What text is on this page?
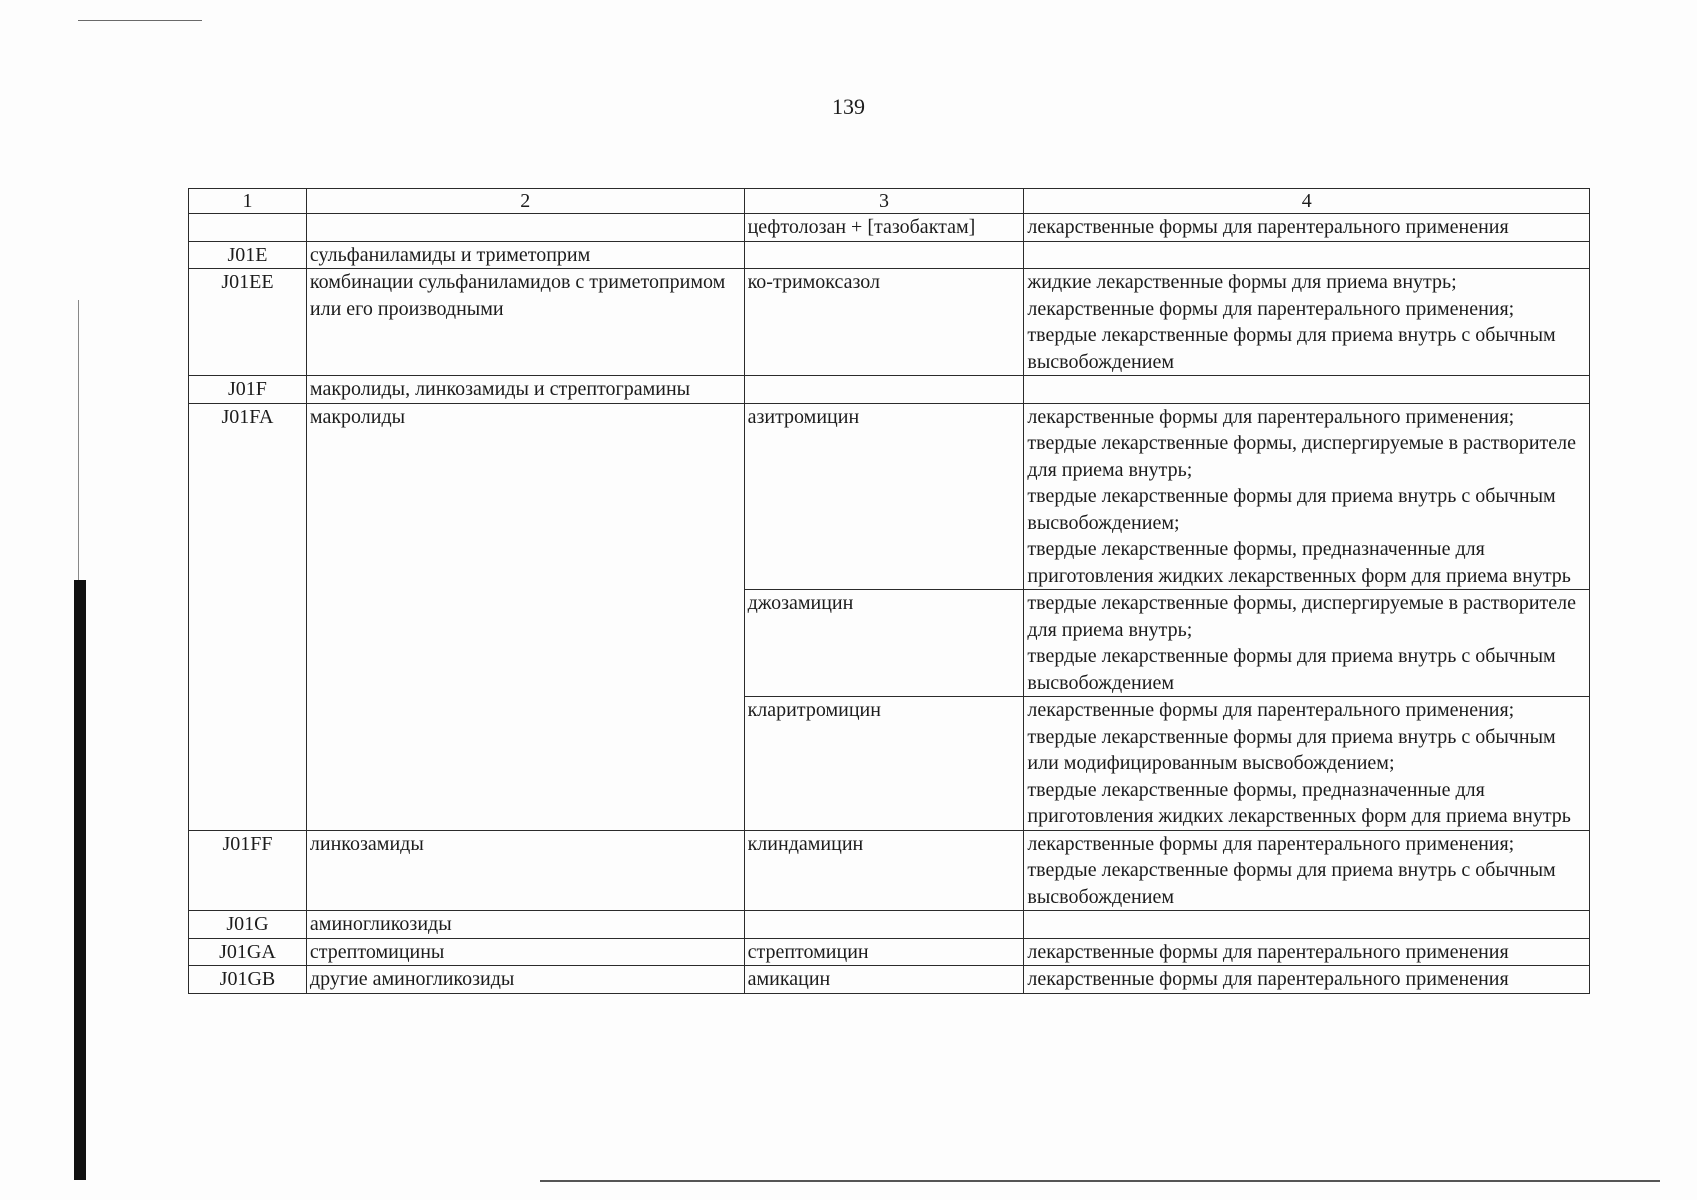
139
1	2	3	4
		цефтолозан + [тазобактам]	лекарственные формы для парентерального применения

J01E	сульфаниламиды и триметоприм		
J01EE	комбинации сульфаниламидов с триметопримом или его производными	ко-тримоксазол	жидкие лекарственные формы для приема внутрь;
лекарственные формы для парентерального применения;
твердые лекарственные формы для приема внутрь с обычным высвобождением

J01F	макролиды, линкозамиды и стрептограмины		
J01FA	макролиды	азитромицин	лекарственные формы для парентерального применения;
твердые лекарственные формы, диспергируемые в растворителе для приема внутрь;
твердые лекарственные формы для приема внутрь с обычным высвобождением;
твердые лекарственные формы, предназначенные для приготовления жидких лекарственных форм для приема внутрь

		джозамицин	твердые лекарственные формы, диспергируемые в растворителе для приема внутрь;
твердые лекарственные формы для приема внутрь с обычным высвобождением

		кларитромицин	лекарственные формы для парентерального применения;
твердые лекарственные формы для приема внутрь с обычным или модифицированным высвобождением;
твердые лекарственные формы, предназначенные для приготовления жидких лекарственных форм для приема внутрь

J01FF	линкозамиды	клиндамицин	лекарственные формы для парентерального применения;
твердые лекарственные формы для приема внутрь с обычным высвобождением

J01G	аминогликозиды		
J01GA	стрептомицины	стрептомицин	лекарственные формы для парентерального применения

J01GB	другие аминогликозиды	амикацин	лекарственные формы для парентерального применения
